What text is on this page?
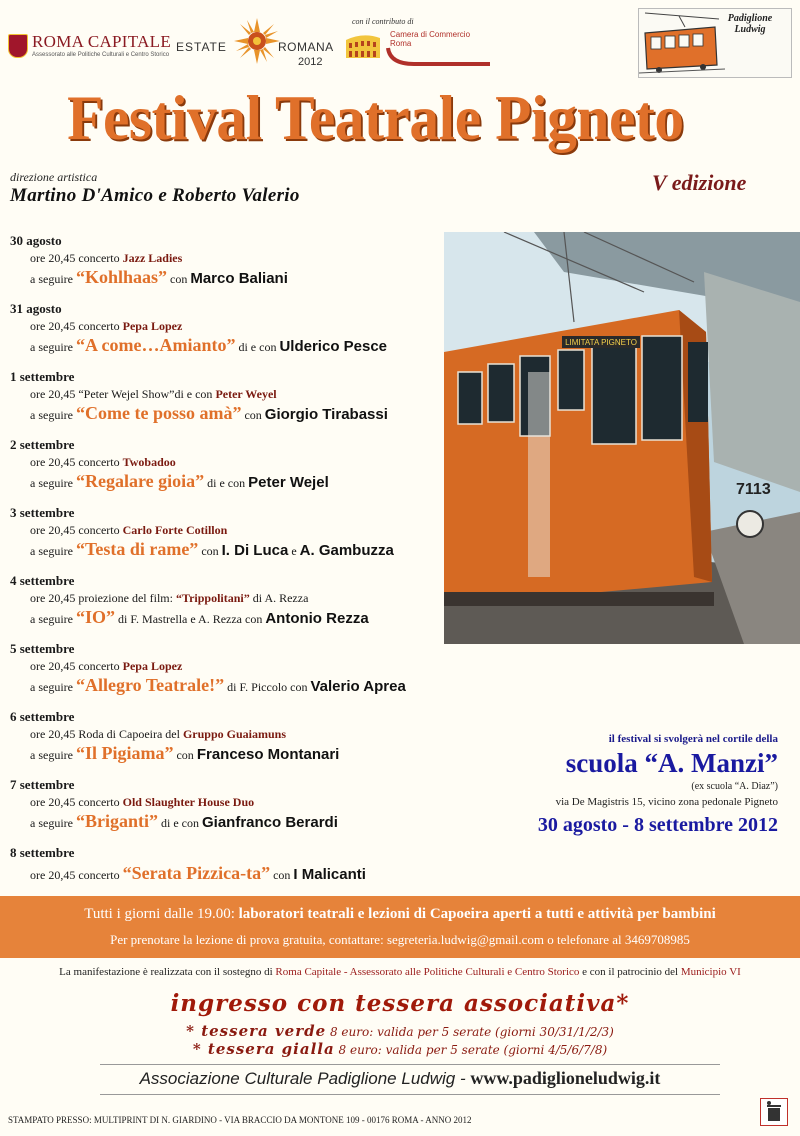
ROMA CAPITALE
Assessorato alle Politiche Culturali e Centro Storico
ESTATE	ROMANA
2012
con il contributo di
Camera di Commercio
Roma
Padiglione
Ludwig
Festival Teatrale Pigneto
direzione artistica
Martino D'Amico e Roberto Valerio
V edizione
LIMITATA PIGNETO
7113
30 agosto
ore 20,45 concerto Jazz Ladies
a seguire “Kohlhaas” con Marco Baliani
31 agosto
ore 20,45 concerto Pepa Lopez
a seguire “A come…Amianto” di e con Ulderico Pesce
1 settembre
ore 20,45 “Peter Wejel Show”di e con Peter Weyel
a seguire “Come te posso amà” con Giorgio Tirabassi
2 settembre
ore 20,45 concerto Twobadoo
a seguire “Regalare gioia” di e con Peter Wejel
3 settembre
ore 20,45 concerto Carlo Forte Cotillon
a seguire “Testa di rame” con I. Di Luca e A. Gambuzza
4 settembre
ore 20,45 proiezione del film: “Trippolitani” di A. Rezza
a seguire “IO” di F. Mastrella e A. Rezza con Antonio Rezza
5 settembre
ore 20,45 concerto Pepa Lopez
a seguire “Allegro Teatrale!” di F. Piccolo con Valerio Aprea
6 settembre
ore 20,45 Roda di Capoeira del Gruppo Guaiamuns
a seguire “Il Pigiama” con Franceso Montanari
7 settembre
ore 20,45 concerto Old Slaughter House Duo
a seguire “Briganti” di e con Gianfranco Berardi
8 settembre
ore 20,45 concerto “Serata Pizzica-ta” con I Malicanti
il festival si svolgerà nel cortile della
scuola “A. Manzi”
(ex scuola “A. Diaz”)
via De Magistris 15, vicino zona pedonale Pigneto
30 agosto - 8 settembre 2012
Tutti i giorni dalle 19.00: laboratori teatrali e lezioni di Capoeira aperti a tutti e attività per bambini
Per prenotare la lezione di prova gratuita, contattare: segreteria.ludwig@gmail.com o telefonare al 3469708985
La manifestazione è realizzata con il sostegno di Roma Capitale - Assessorato alle Politiche Culturali e Centro Storico e con il patrocinio del Municipio VI
ingresso con tessera associativa*
* tessera verde 8 euro: valida per 5 serate (giorni 30/31/1/2/3)
* tessera gialla 8 euro: valida per 5 serate (giorni 4/5/6/7/8)
Associazione Culturale Padiglione Ludwig - www.padiglioneludwig.it
STAMPATO PRESSO: MULTIPRINT DI N. GIARDINO - VIA BRACCIO DA MONTONE 109 - 00176 ROMA - ANNO 2012
